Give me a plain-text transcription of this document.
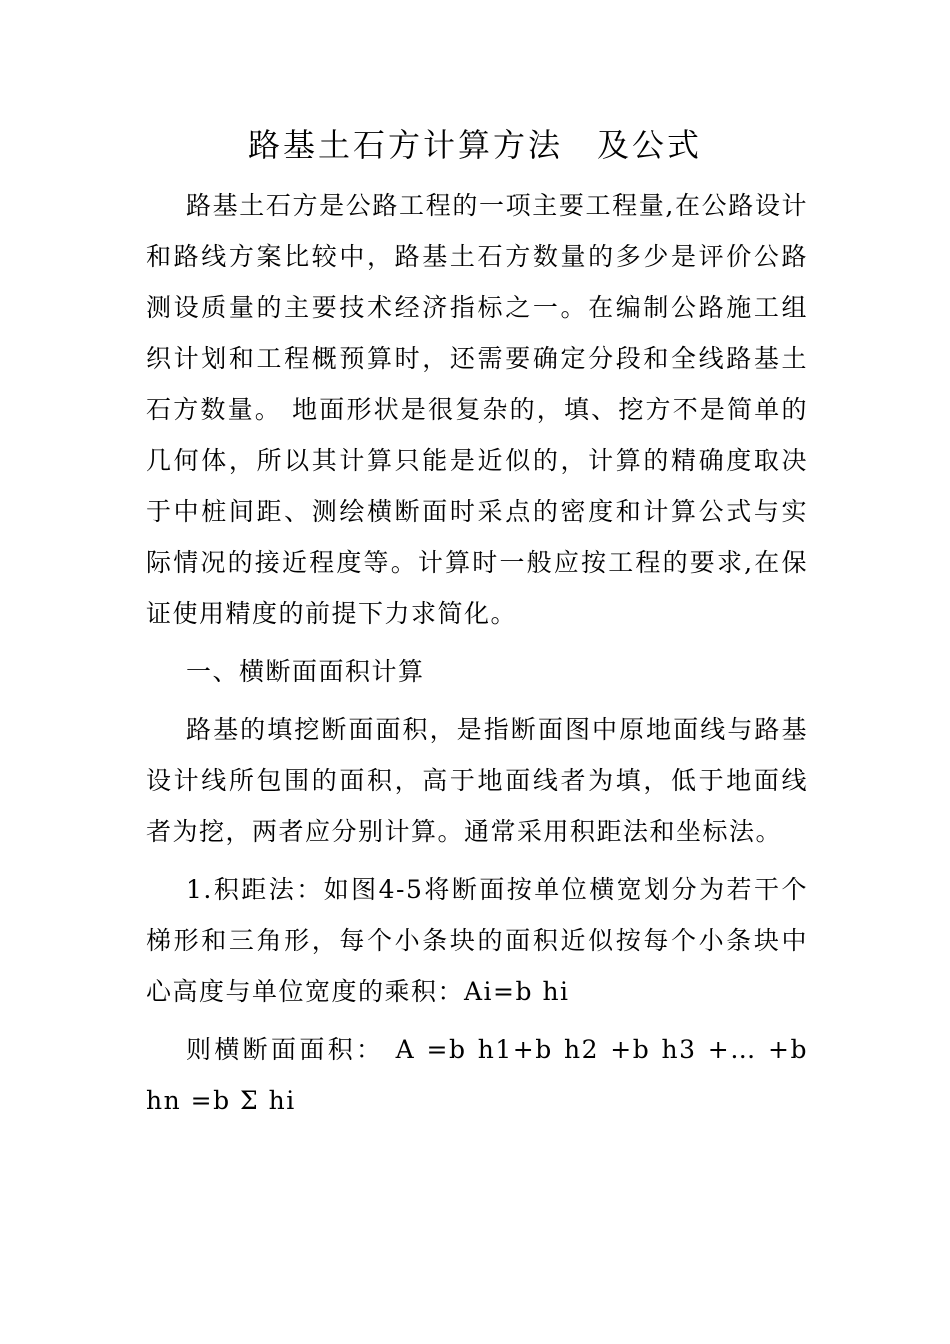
路基土石方计算方法 及公式

路基土石方是公路工程的一项主要工程量,在公路设计和路线方案比较中，路基土石方数量的多少是评价公路测设质量的主要技术经济指标之一。在编制公路施工组织计划和工程概预算时，还需要确定分段和全线路基土石方数量。 地面形状是很复杂的，填、挖方不是简单的几何体，所以其计算只能是近似的，计算的精确度取决于中桩间距、测绘横断面时采点的密度和计算公式与实际情况的接近程度等。计算时一般应按工程的要求,在保证使用精度的前提下力求简化。

一、横断面面积计算

路基的填挖断面面积，是指断面图中原地面线与路基设计线所包围的面积，高于地面线者为填，低于地面线者为挖，两者应分别计算。通常采用积距法和坐标法。

1.积距法：如图4-5将断面按单位横宽划分为若干个梯形和三角形，每个小条块的面积近似按每个小条块中心高度与单位宽度的乘积：Ai=b hi

则横断面面积： A =b h1+b h2 +b h3 +… +b hn =b Σ hi
